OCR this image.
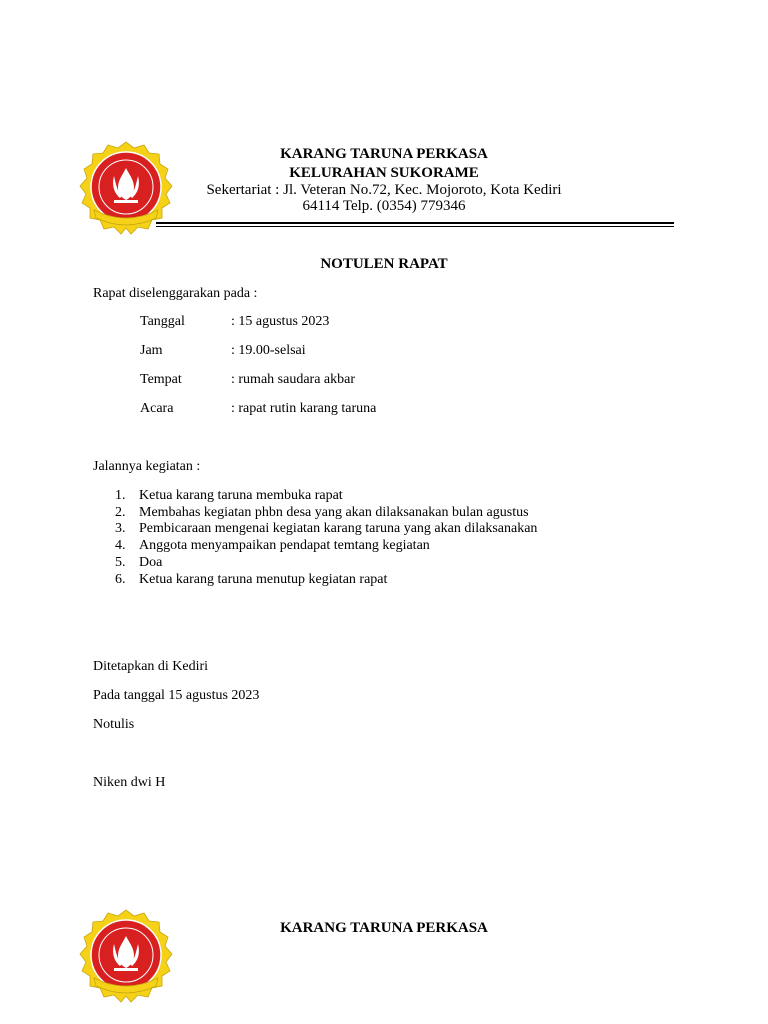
KARANG TARUNA PERKASA
KELURAHAN SUKORAME
Sekertariat : Jl. Veteran No.72, Kec. Mojoroto, Kota Kediri
64114 Telp. (0354) 779346
NOTULEN RAPAT
Rapat diselenggarakan pada :
Tanggal	: 15 agustus 2023
Jam	: 19.00-selsai
Tempat	: rumah saudara akbar
Acara	: rapat rutin karang taruna
Jalannya kegiatan :
1. Ketua karang taruna membuka rapat
2. Membahas kegiatan phbn desa yang akan dilaksanakan bulan agustus
3. Pembicaraan mengenai kegiatan karang taruna yang akan dilaksanakan
4. Anggota menyampaikan pendapat temtang kegiatan
5. Doa
6. Ketua karang taruna menutup kegiatan rapat
Ditetapkan di Kediri
Pada tanggal 15 agustus 2023
Notulis
Niken dwi H
KARANG TARUNA PERKASA
